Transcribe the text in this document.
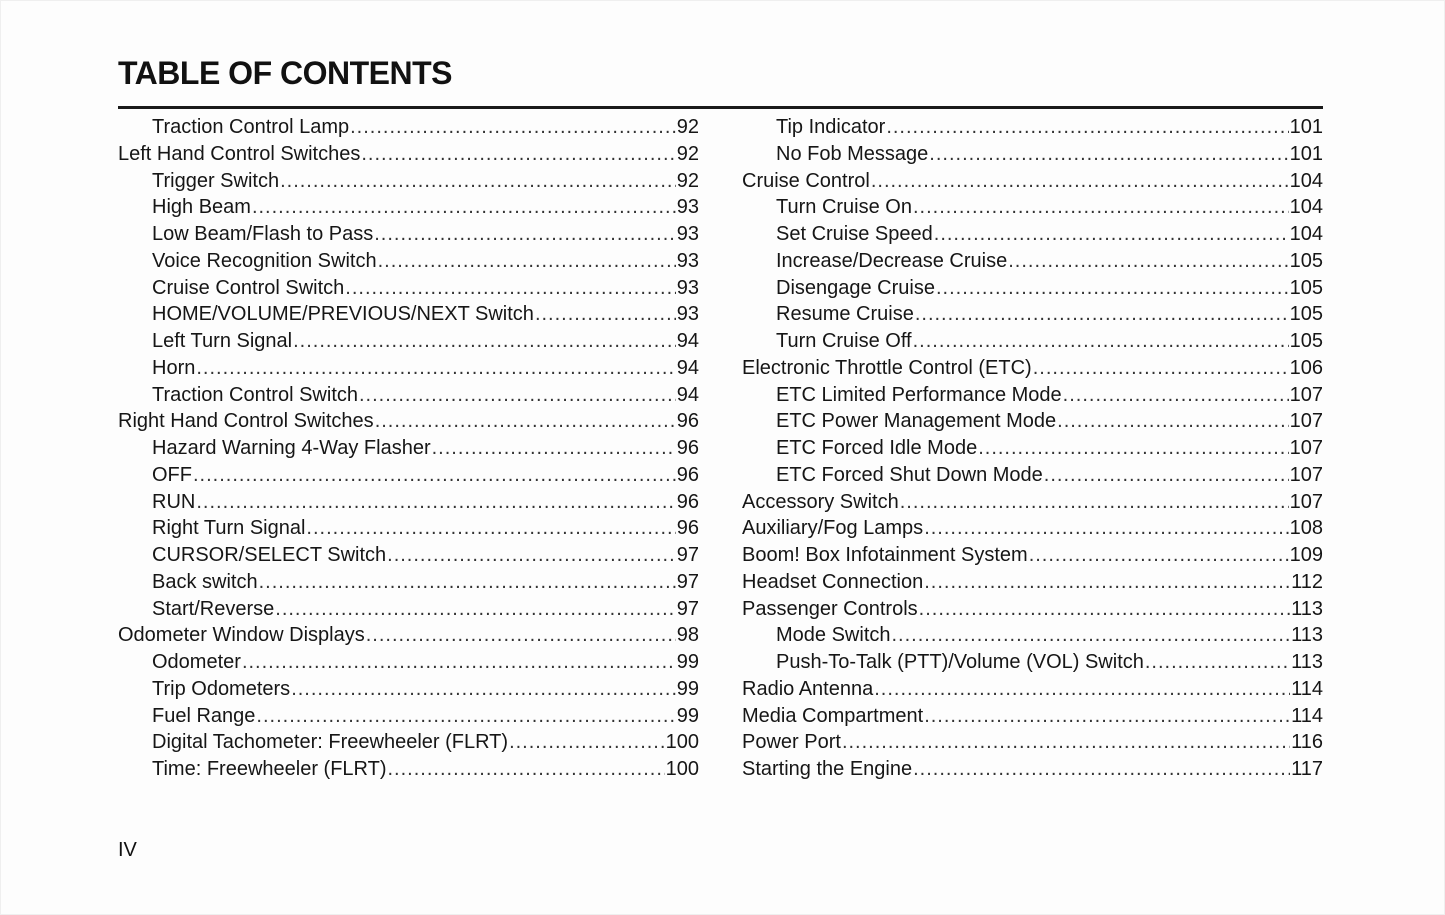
TABLE OF CONTENTS
Traction Control Lamp .....	92
Left Hand Control Switches .....	92
Trigger Switch .....	92
High Beam .....	93
Low Beam/Flash to Pass .....	93
Voice Recognition Switch .....	93
Cruise Control Switch .....	93
HOME/VOLUME/PREVIOUS/NEXT Switch .....	93
Left Turn Signal .....	94
Horn .....	94
Traction Control Switch .....	94
Right Hand Control Switches .....	96
Hazard Warning 4-Way Flasher .....	96
OFF .....	96
RUN .....	96
Right Turn Signal .....	96
CURSOR/SELECT Switch .....	97
Back switch .....	97
Start/Reverse .....	97
Odometer Window Displays .....	98
Odometer .....	99
Trip Odometers .....	99
Fuel Range .....	99
Digital Tachometer: Freewheeler (FLRT) .....	100
Time: Freewheeler (FLRT) .....	100
Tip Indicator .....	101
No Fob Message .....	101
Cruise Control .....	104
Turn Cruise On .....	104
Set Cruise Speed .....	104
Increase/Decrease Cruise .....	105
Disengage Cruise .....	105
Resume Cruise .....	105
Turn Cruise Off .....	105
Electronic Throttle Control (ETC) .....	106
ETC Limited Performance Mode .....	107
ETC Power Management Mode .....	107
ETC Forced Idle Mode .....	107
ETC Forced Shut Down Mode .....	107
Accessory Switch .....	107
Auxiliary/Fog Lamps .....	108
Boom! Box Infotainment System .....	109
Headset Connection .....	112
Passenger Controls .....	113
Mode Switch .....	113
Push-To-Talk (PTT)/Volume (VOL) Switch .....	113
Radio Antenna .....	114
Media Compartment .....	114
Power Port .....	116
Starting the Engine .....	117
IV
